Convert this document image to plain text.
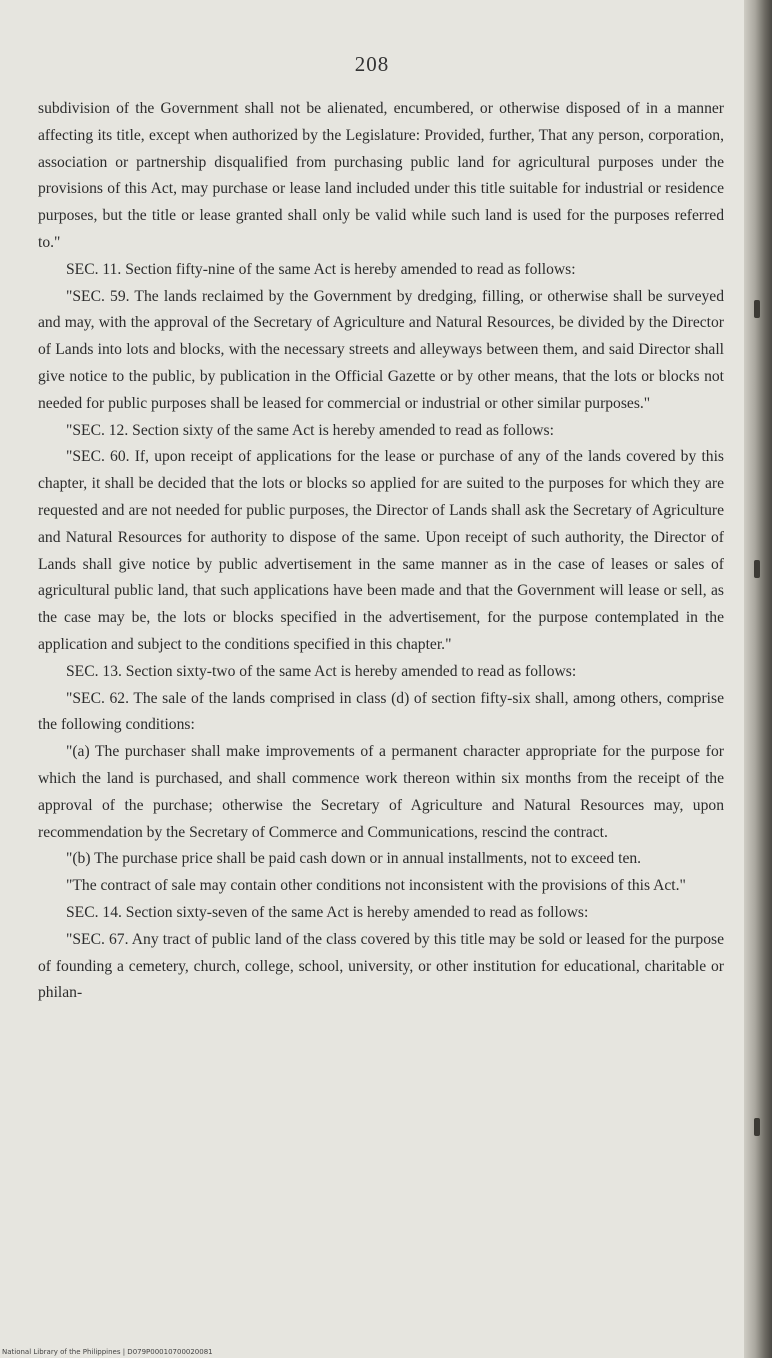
208

subdivision of the Government shall not be alienated, encumbered, or otherwise disposed of in a manner affecting its title, except when authorized by the Legislature: Provided, further, That any person, corporation, association or partnership disqualified from purchasing public land for agricultural purposes under the provisions of this Act, may purchase or lease land included under this title suitable for industrial or residence purposes, but the title or lease granted shall only be valid while such land is used for the purposes referred to."

SEC. 11. Section fifty-nine of the same Act is hereby amended to read as follows:

"SEC. 59. The lands reclaimed by the Government by dredging, filling, or otherwise shall be surveyed and may, with the approval of the Secretary of Agriculture and Natural Resources, be divided by the Director of Lands into lots and blocks, with the necessary streets and alleyways between them, and said Director shall give notice to the public, by publication in the Official Gazette or by other means, that the lots or blocks not needed for public purposes shall be leased for commercial or industrial or other similar purposes."

"SEC. 12. Section sixty of the same Act is hereby amended to read as follows:

"SEC. 60. If, upon receipt of applications for the lease or purchase of any of the lands covered by this chapter, it shall be decided that the lots or blocks so applied for are suited to the purposes for which they are requested and are not needed for public purposes, the Director of Lands shall ask the Secretary of Agriculture and Natural Resources for authority to dispose of the same. Upon receipt of such authority, the Director of Lands shall give notice by public advertisement in the same manner as in the case of leases or sales of agricultural public land, that such applications have been made and that the Government will lease or sell, as the case may be, the lots or blocks specified in the advertisement, for the purpose contemplated in the application and subject to the conditions specified in this chapter."

SEC. 13. Section sixty-two of the same Act is hereby amended to read as follows:

"SEC. 62. The sale of the lands comprised in class (d) of section fifty-six shall, among others, comprise the following conditions:

"(a) The purchaser shall make improvements of a permanent character appropriate for the purpose for which the land is purchased, and shall commence work thereon within six months from the receipt of the approval of the purchase; otherwise the Secretary of Agriculture and Natural Resources may, upon recommendation by the Secretary of Commerce and Communications, rescind the contract.

"(b) The purchase price shall be paid cash down or in annual installments, not to exceed ten.

"The contract of sale may contain other conditions not inconsistent with the provisions of this Act."

SEC. 14. Section sixty-seven of the same Act is hereby amended to read as follows:

"SEC. 67. Any tract of public land of the class covered by this title may be sold or leased for the purpose of founding a cemetery, church, college, school, university, or other institution for educational, charitable or philan-

National Library of the Philippines | D079P00010700020081
